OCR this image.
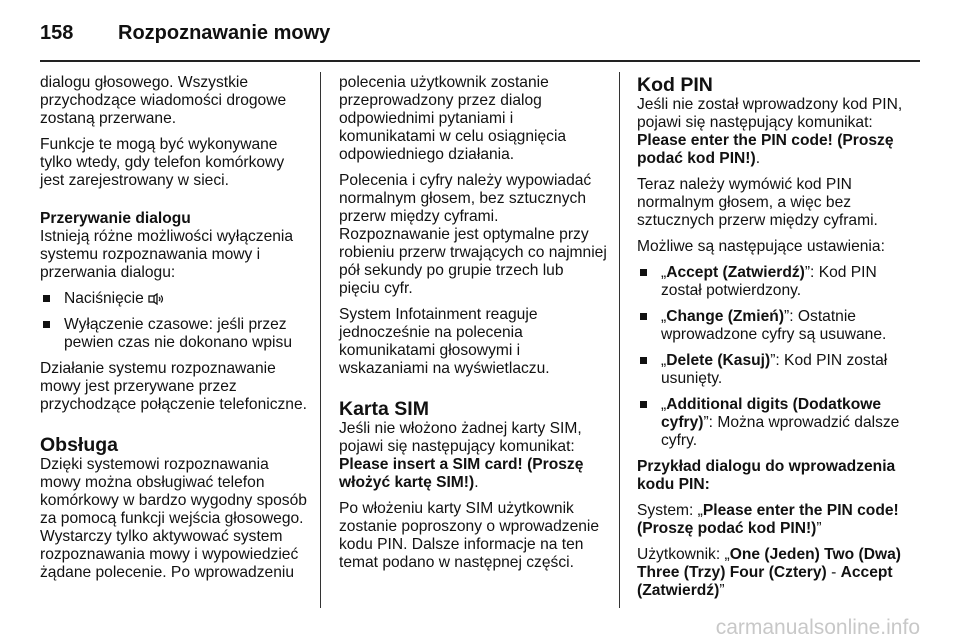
158 Rozpoznawanie mowy

dialogu głosowego. Wszystkie przychodzące wiadomości drogowe zostaną przerwane.

Funkcje te mogą być wykonywane tylko wtedy, gdy telefon komórkowy jest zarejestrowany w sieci.

Przerywanie dialogu

Istnieją różne możliwości wyłączenia systemu rozpoznawania mowy i przerwania dialogu:

Naciśnięcie
Wyłączenie czasowe: jeśli przez pewien czas nie dokonano wpisu

Działanie systemu rozpoznawanie mowy jest przerywane przez przychodzące połączenie telefoniczne.

Obsługa

Dzięki systemowi rozpoznawania mowy można obsługiwać telefon komórkowy w bardzo wygodny sposób za pomocą funkcji wejścia głosowego. Wystarczy tylko aktywować system rozpoznawania mowy i wypowiedzieć żądane polecenie. Po wprowadzeniu

polecenia użytkownik zostanie przeprowadzony przez dialog odpowiednimi pytaniami i komunikatami w celu osiągnięcia odpowiedniego działania.

Polecenia i cyfry należy wypowiadać normalnym głosem, bez sztucznych przerw między cyframi. Rozpoznawanie jest optymalne przy robieniu przerw trwających co najmniej pół sekundy po grupie trzech lub pięciu cyfr.

System Infotainment reaguje jednocześnie na polecenia komunikatami głosowymi i wskazaniami na wyświetlaczu.

Karta SIM

Jeśli nie włożono żadnej karty SIM, pojawi się następujący komunikat: Please insert a SIM card! (Proszę włożyć kartę SIM!).

Po włożeniu karty SIM użytkownik zostanie poproszony o wprowadzenie kodu PIN. Dalsze informacje na ten temat podano w następnej części.

Kod PIN

Jeśli nie został wprowadzony kod PIN, pojawi się następujący komunikat: Please enter the PIN code! (Proszę podać kod PIN!).

Teraz należy wymówić kod PIN normalnym głosem, a więc bez sztucznych przerw między cyframi.

Możliwe są następujące ustawienia:

„Accept (Zatwierdź)”: Kod PIN został potwierdzony.
„Change (Zmień)”: Ostatnie wprowadzone cyfry są usuwane.
„Delete (Kasuj)”: Kod PIN został usunięty.
„Additional digits (Dodatkowe cyfry)”: Można wprowadzić dalsze cyfry.

Przykład dialogu do wprowadzenia kodu PIN:

System: „Please enter the PIN code! (Proszę podać kod PIN!)”

Użytkownik: „One (Jeden) Two (Dwa) Three (Trzy) Four (Cztery) - Accept (Zatwierdź)”

carmanualsonline.info
